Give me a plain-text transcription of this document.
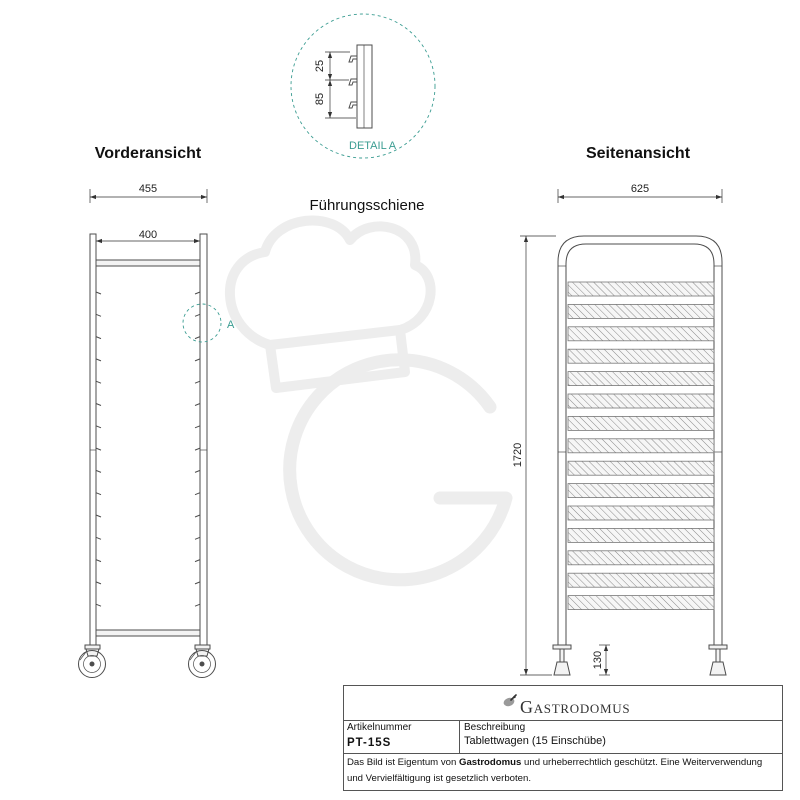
Vorderansicht
455
400
A
DETAIL A
25
85
Führungsschiene
Seitenansicht
625
1720
130
GASTRODOMUS
Artikelnummer
PT-15S
Beschreibung
Tablettwagen (15 Einschübe)
Das Bild ist Eigentum von Gastrodomus und urheberrechtlich geschützt. Eine Weiterverwendung und Vervielfältigung ist gesetzlich verboten.
